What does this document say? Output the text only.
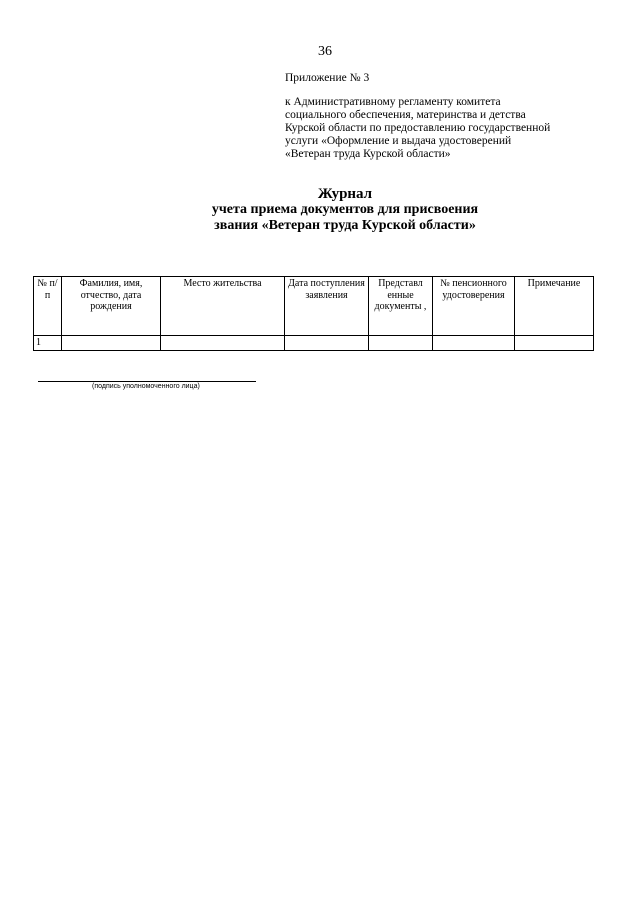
36
Приложение № 3
к Административному регламенту комитета
социального обеспечения, материнства и детства
Курской области по предоставлению государственной
услуги «Оформление и выдача удостоверений
«Ветеран труда Курской области»
Журнал
учета приема документов для присвоения
звания «Ветеран труда Курской области»
№ п/п	Фамилия, имя, отчество, дата рождения	Место жительства	Дата поступления заявления	Представл енные документы ,	№ пенсионного удостоверения	Примечание
1						
(подпись уполномоченного лица)
